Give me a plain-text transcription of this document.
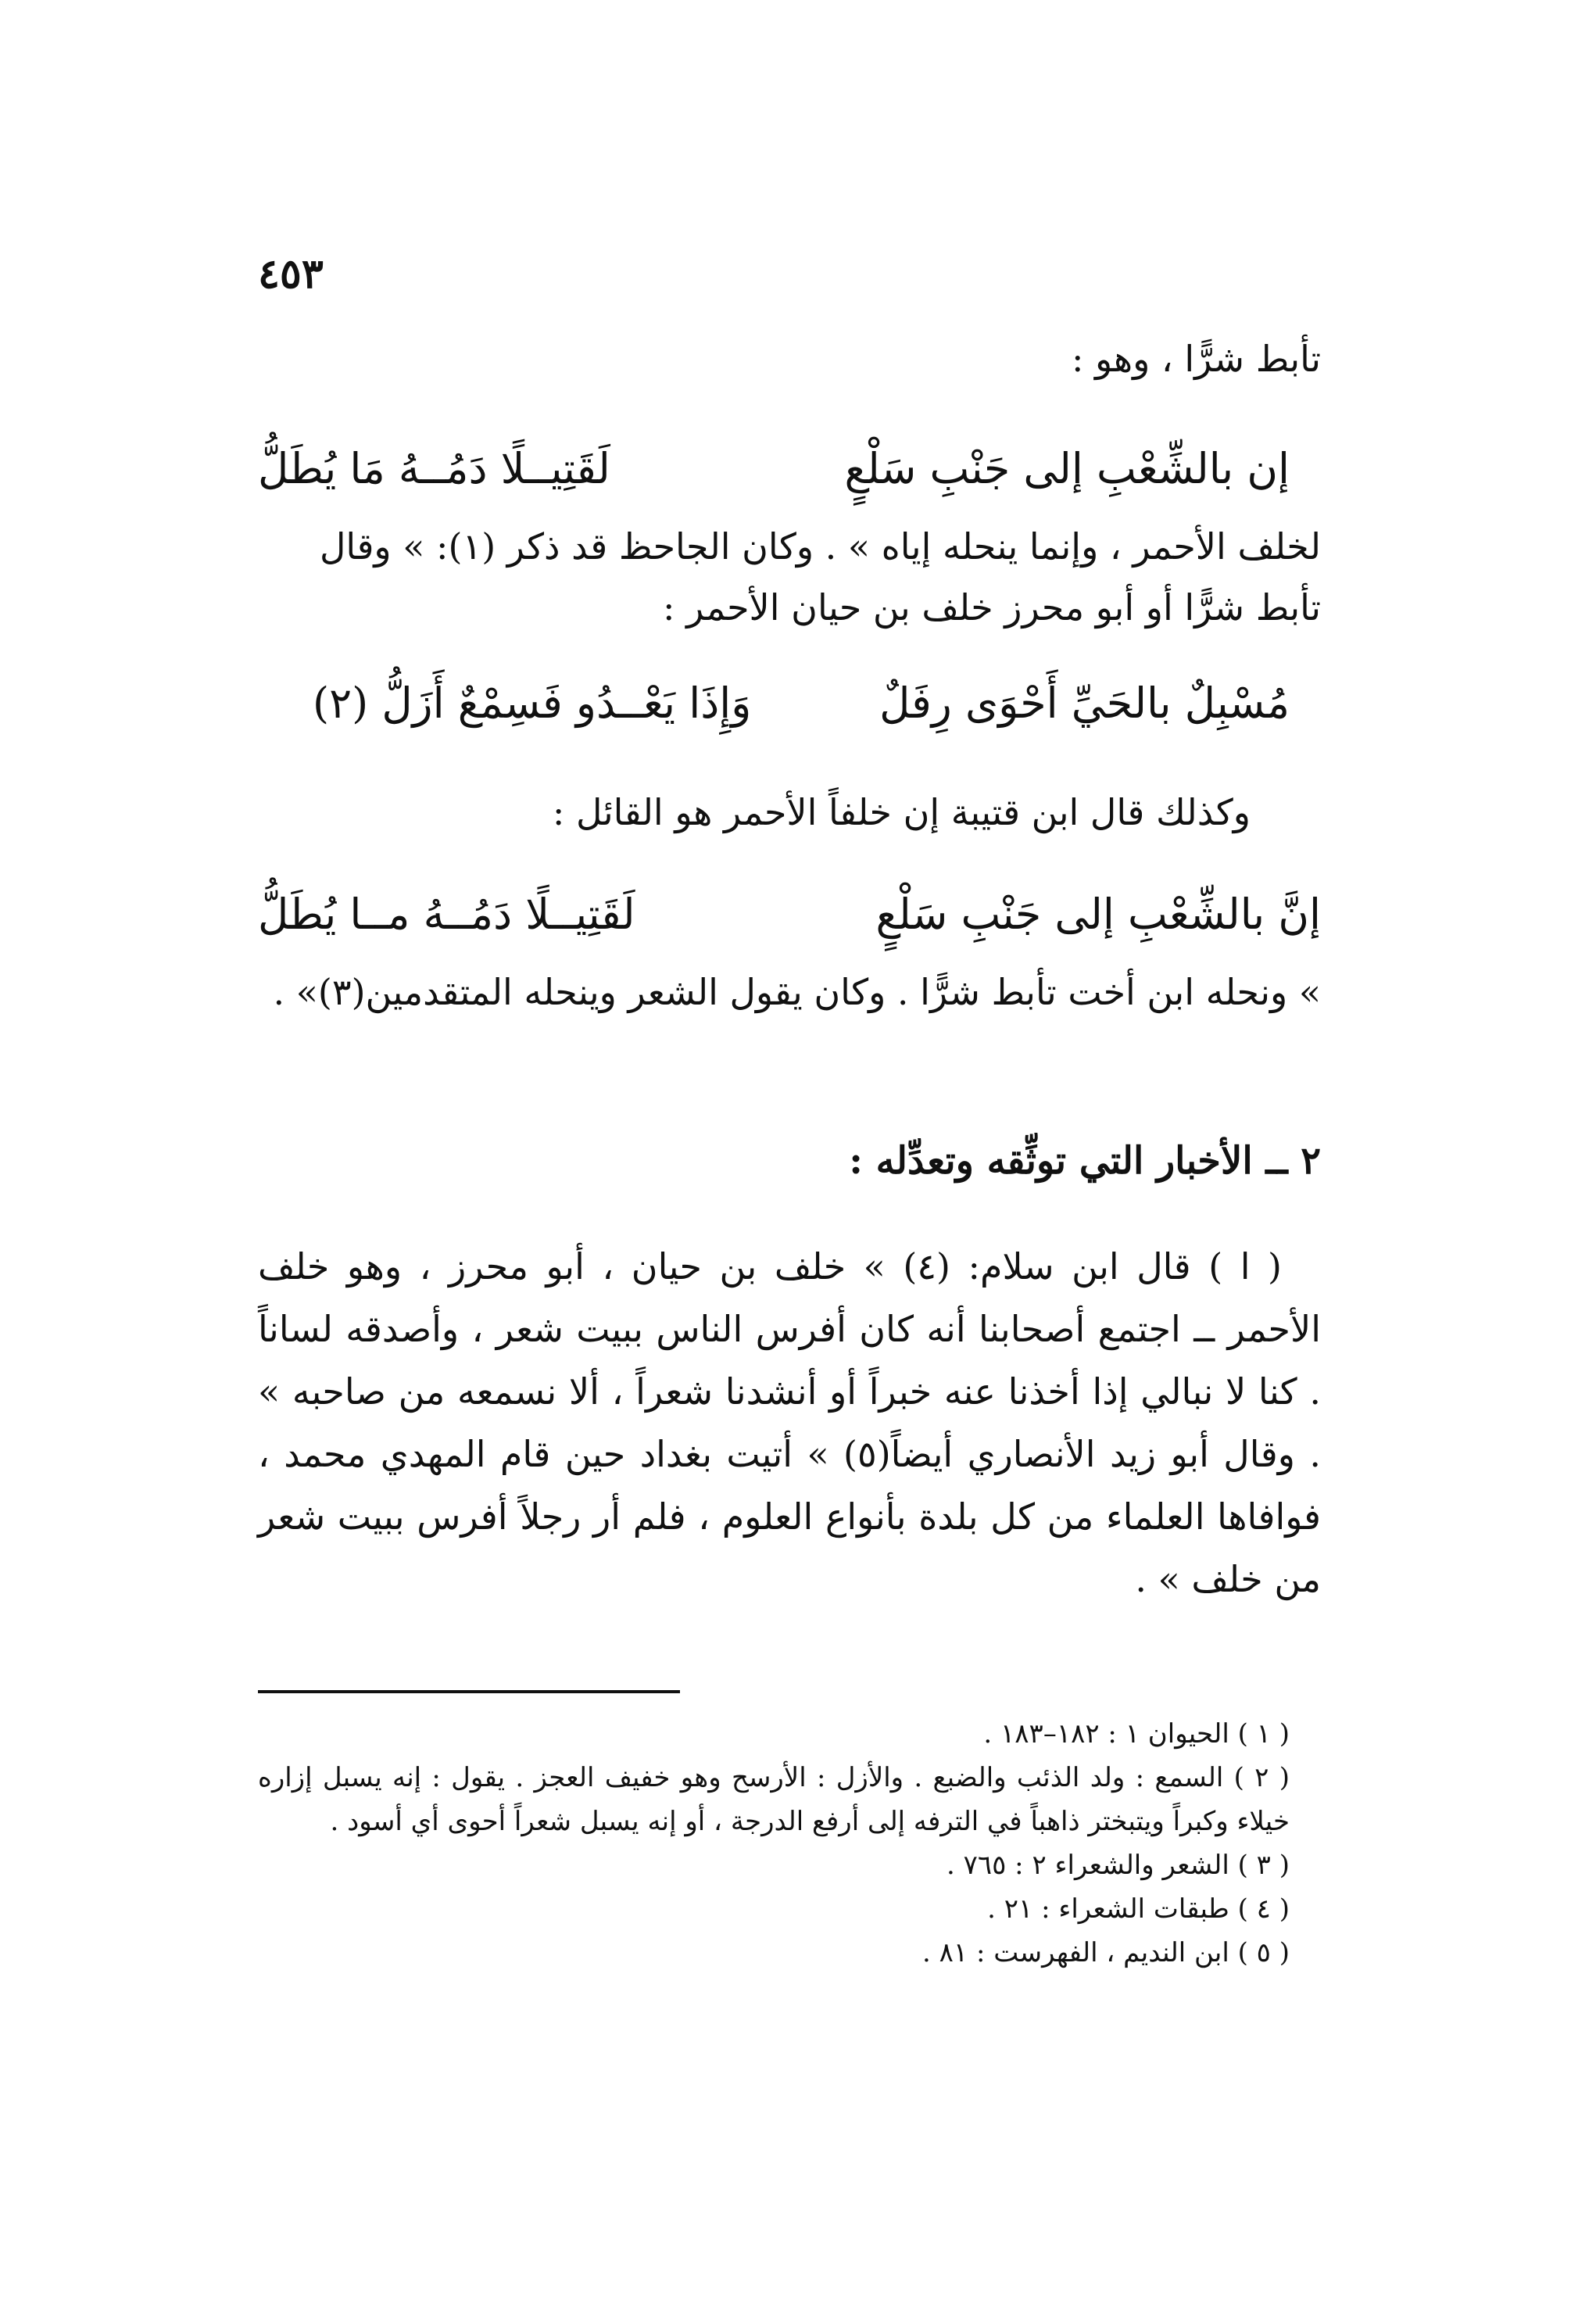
٤٥٣

تأبط شرًّا ، وهو :

إن بالشِّعْبِ إلى جَنْبِ سَلْعٍ
لَقَتِيــلًا دَمُــهُ مَا يُطَلُّ

لخلف الأحمر ، وإنما ينحله إياه » . وكان الجاحظ قد ذكر (١): » وقال

تأبط شرًّا أو أبو محرز خلف بن حيان الأحمر :

مُسْبِلٌ بالحَيِّ أَحْوَى رِفَلٌ
وَإِذَا يَعْــدُو فَسِمْعٌ أَزَلُّ (٢)

وكذلك قال ابن قتيبة إن خلفاً الأحمر هو القائل :

إنَّ بالشِّعْبِ إلى جَنْبِ سَلْعٍ
لَقَتِيــلًا دَمُــهُ مــا يُطَلُّ

» ونحله ابن أخت تأبط شرًّا . وكان يقول الشعر وينحله المتقدمين(٣)» .

٢ ــ الأخبار التي توثِّقه وتعدِّله :

( ا ) قال ابن سلام: (٤) » خلف بن حيان ، أبو محرز ، وهو خلف الأحمر ــ اجتمع أصحابنا أنه كان أفرس الناس ببيت شعر ، وأصدقه لساناً . كنا لا نبالي إذا أخذنا عنه خبراً أو أنشدنا شعراً ، ألا نسمعه من صاحبه » . وقال أبو زيد الأنصاري أيضاً(٥) » أتيت بغداد حين قام المهدي محمد ، فوافاها العلماء من كل بلدة بأنواع العلوم ، فلم أر رجلاً أفرس ببيت شعر من خلف » .

( ١ ) الحيوان ١ : ١٨٢–١٨٣ .

( ٢ ) السمع : ولد الذئب والضبع . والأزل : الأرسح وهو خفيف العجز . يقول : إنه يسبل إزاره خيلاء وكبراً ويتبختر ذاهباً في الترفه إلى أرفع الدرجة ، أو إنه يسبل شعراً أحوى أي أسود .

( ٣ ) الشعر والشعراء ٢ : ٧٦٥ .

( ٤ ) طبقات الشعراء : ٢١ .

( ٥ ) ابن النديم ، الفهرست : ٨١ .
